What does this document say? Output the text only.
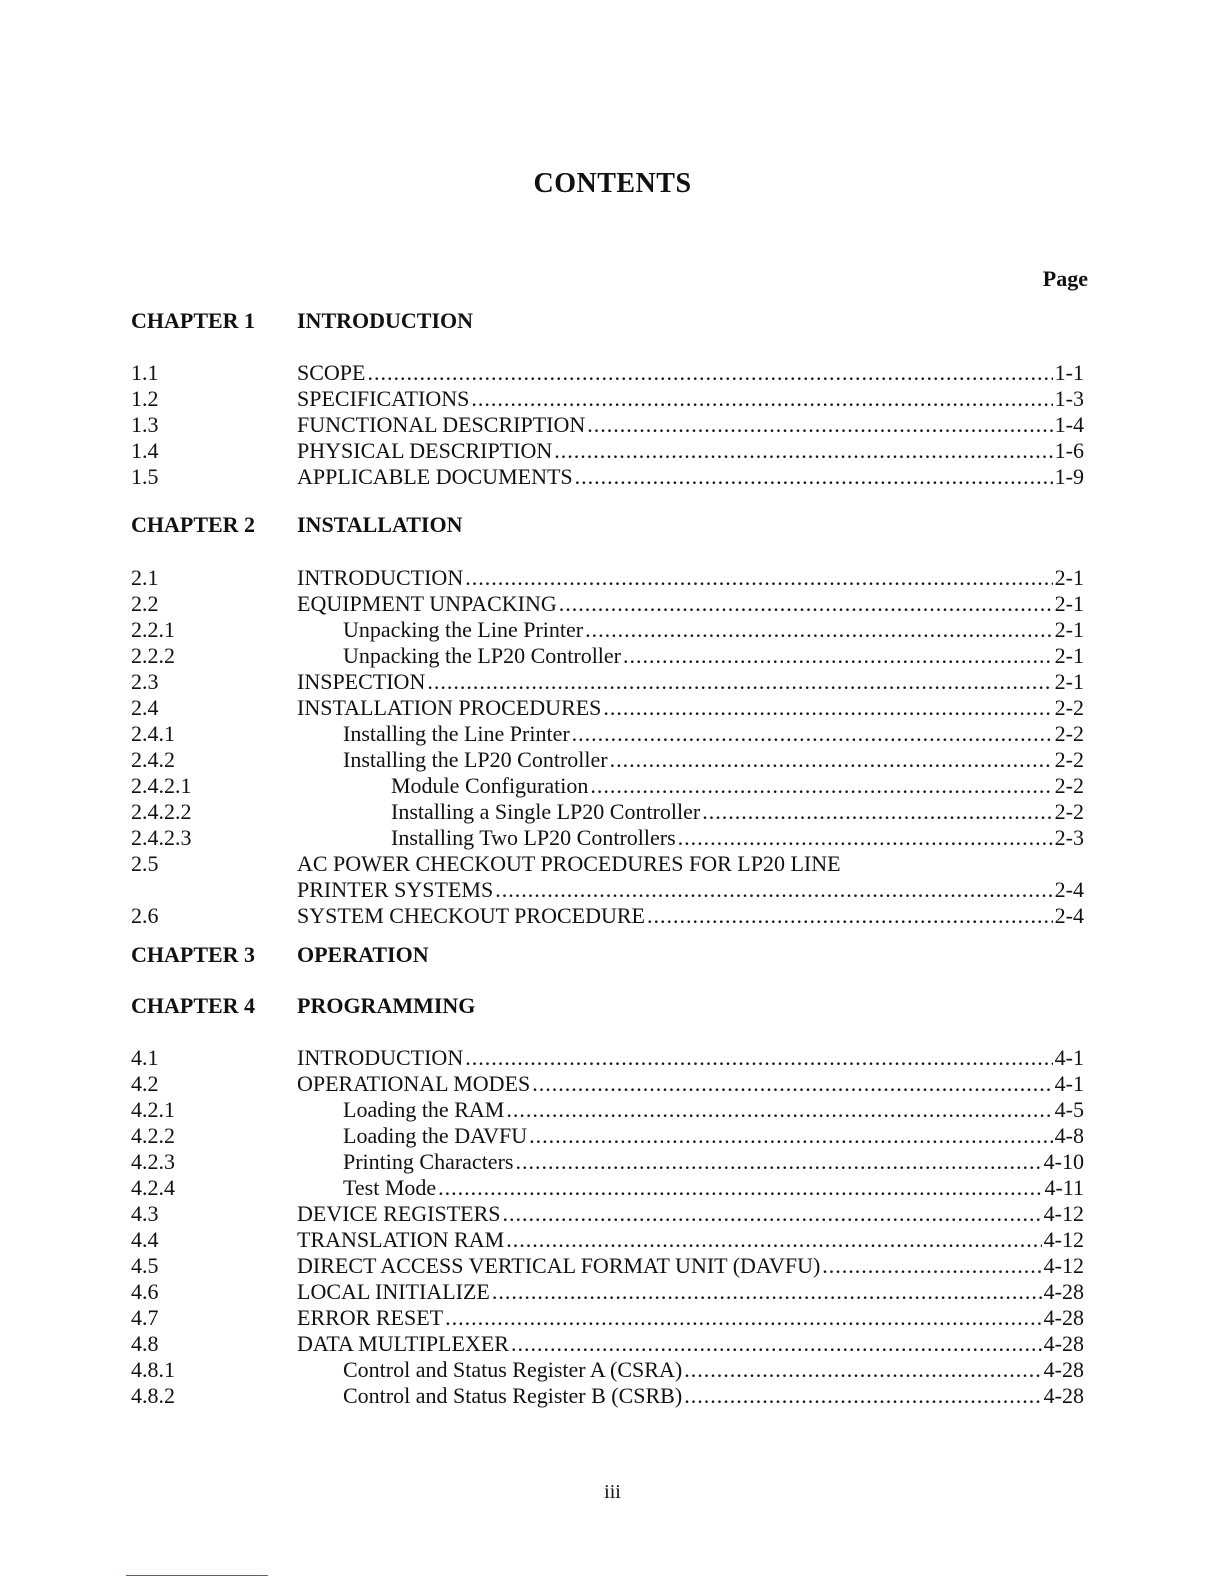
CONTENTS
Page
CHAPTER 1 INTRODUCTION
1.1	SCOPE .....	1-1
1.2	SPECIFICATIONS .....	1-3
1.3	FUNCTIONAL DESCRIPTION .....	1-4
1.4	PHYSICAL DESCRIPTION .....	1-6
1.5	APPLICABLE DOCUMENTS .....	1-9
CHAPTER 2 INSTALLATION
2.1	INTRODUCTION .....	2-1
2.2	EQUIPMENT UNPACKING .....	2-1
2.2.1	Unpacking the Line Printer .....	2-1
2.2.2	Unpacking the LP20 Controller .....	2-1
2.3	INSPECTION .....	2-1
2.4	INSTALLATION PROCEDURES .....	2-2
2.4.1	Installing the Line Printer .....	2-2
2.4.2	Installing the LP20 Controller .....	2-2
2.4.2.1	Module Configuration .....	2-2
2.4.2.2	Installing a Single LP20 Controller .....	2-2
2.4.2.3	Installing Two LP20 Controllers .....	2-3
2.5	AC POWER CHECKOUT PROCEDURES FOR LP20 LINE
PRINTER SYSTEMS .....	2-4
2.6	SYSTEM CHECKOUT PROCEDURE .....	2-4
CHAPTER 3 OPERATION
CHAPTER 4 PROGRAMMING
4.1	INTRODUCTION .....	4-1
4.2	OPERATIONAL MODES .....	4-1
4.2.1	Loading the RAM .....	4-5
4.2.2	Loading the DAVFU .....	4-8
4.2.3	Printing Characters .....	4-10
4.2.4	Test Mode .....	4-11
4.3	DEVICE REGISTERS .....	4-12
4.4	TRANSLATION RAM .....	4-12
4.5	DIRECT ACCESS VERTICAL FORMAT UNIT (DAVFU) .....	4-12
4.6	LOCAL INITIALIZE .....	4-28
4.7	ERROR RESET .....	4-28
4.8	DATA MULTIPLEXER .....	4-28
4.8.1	Control and Status Register A (CSRA) .....	4-28
4.8.2	Control and Status Register B (CSRB) .....	4-28
iii
